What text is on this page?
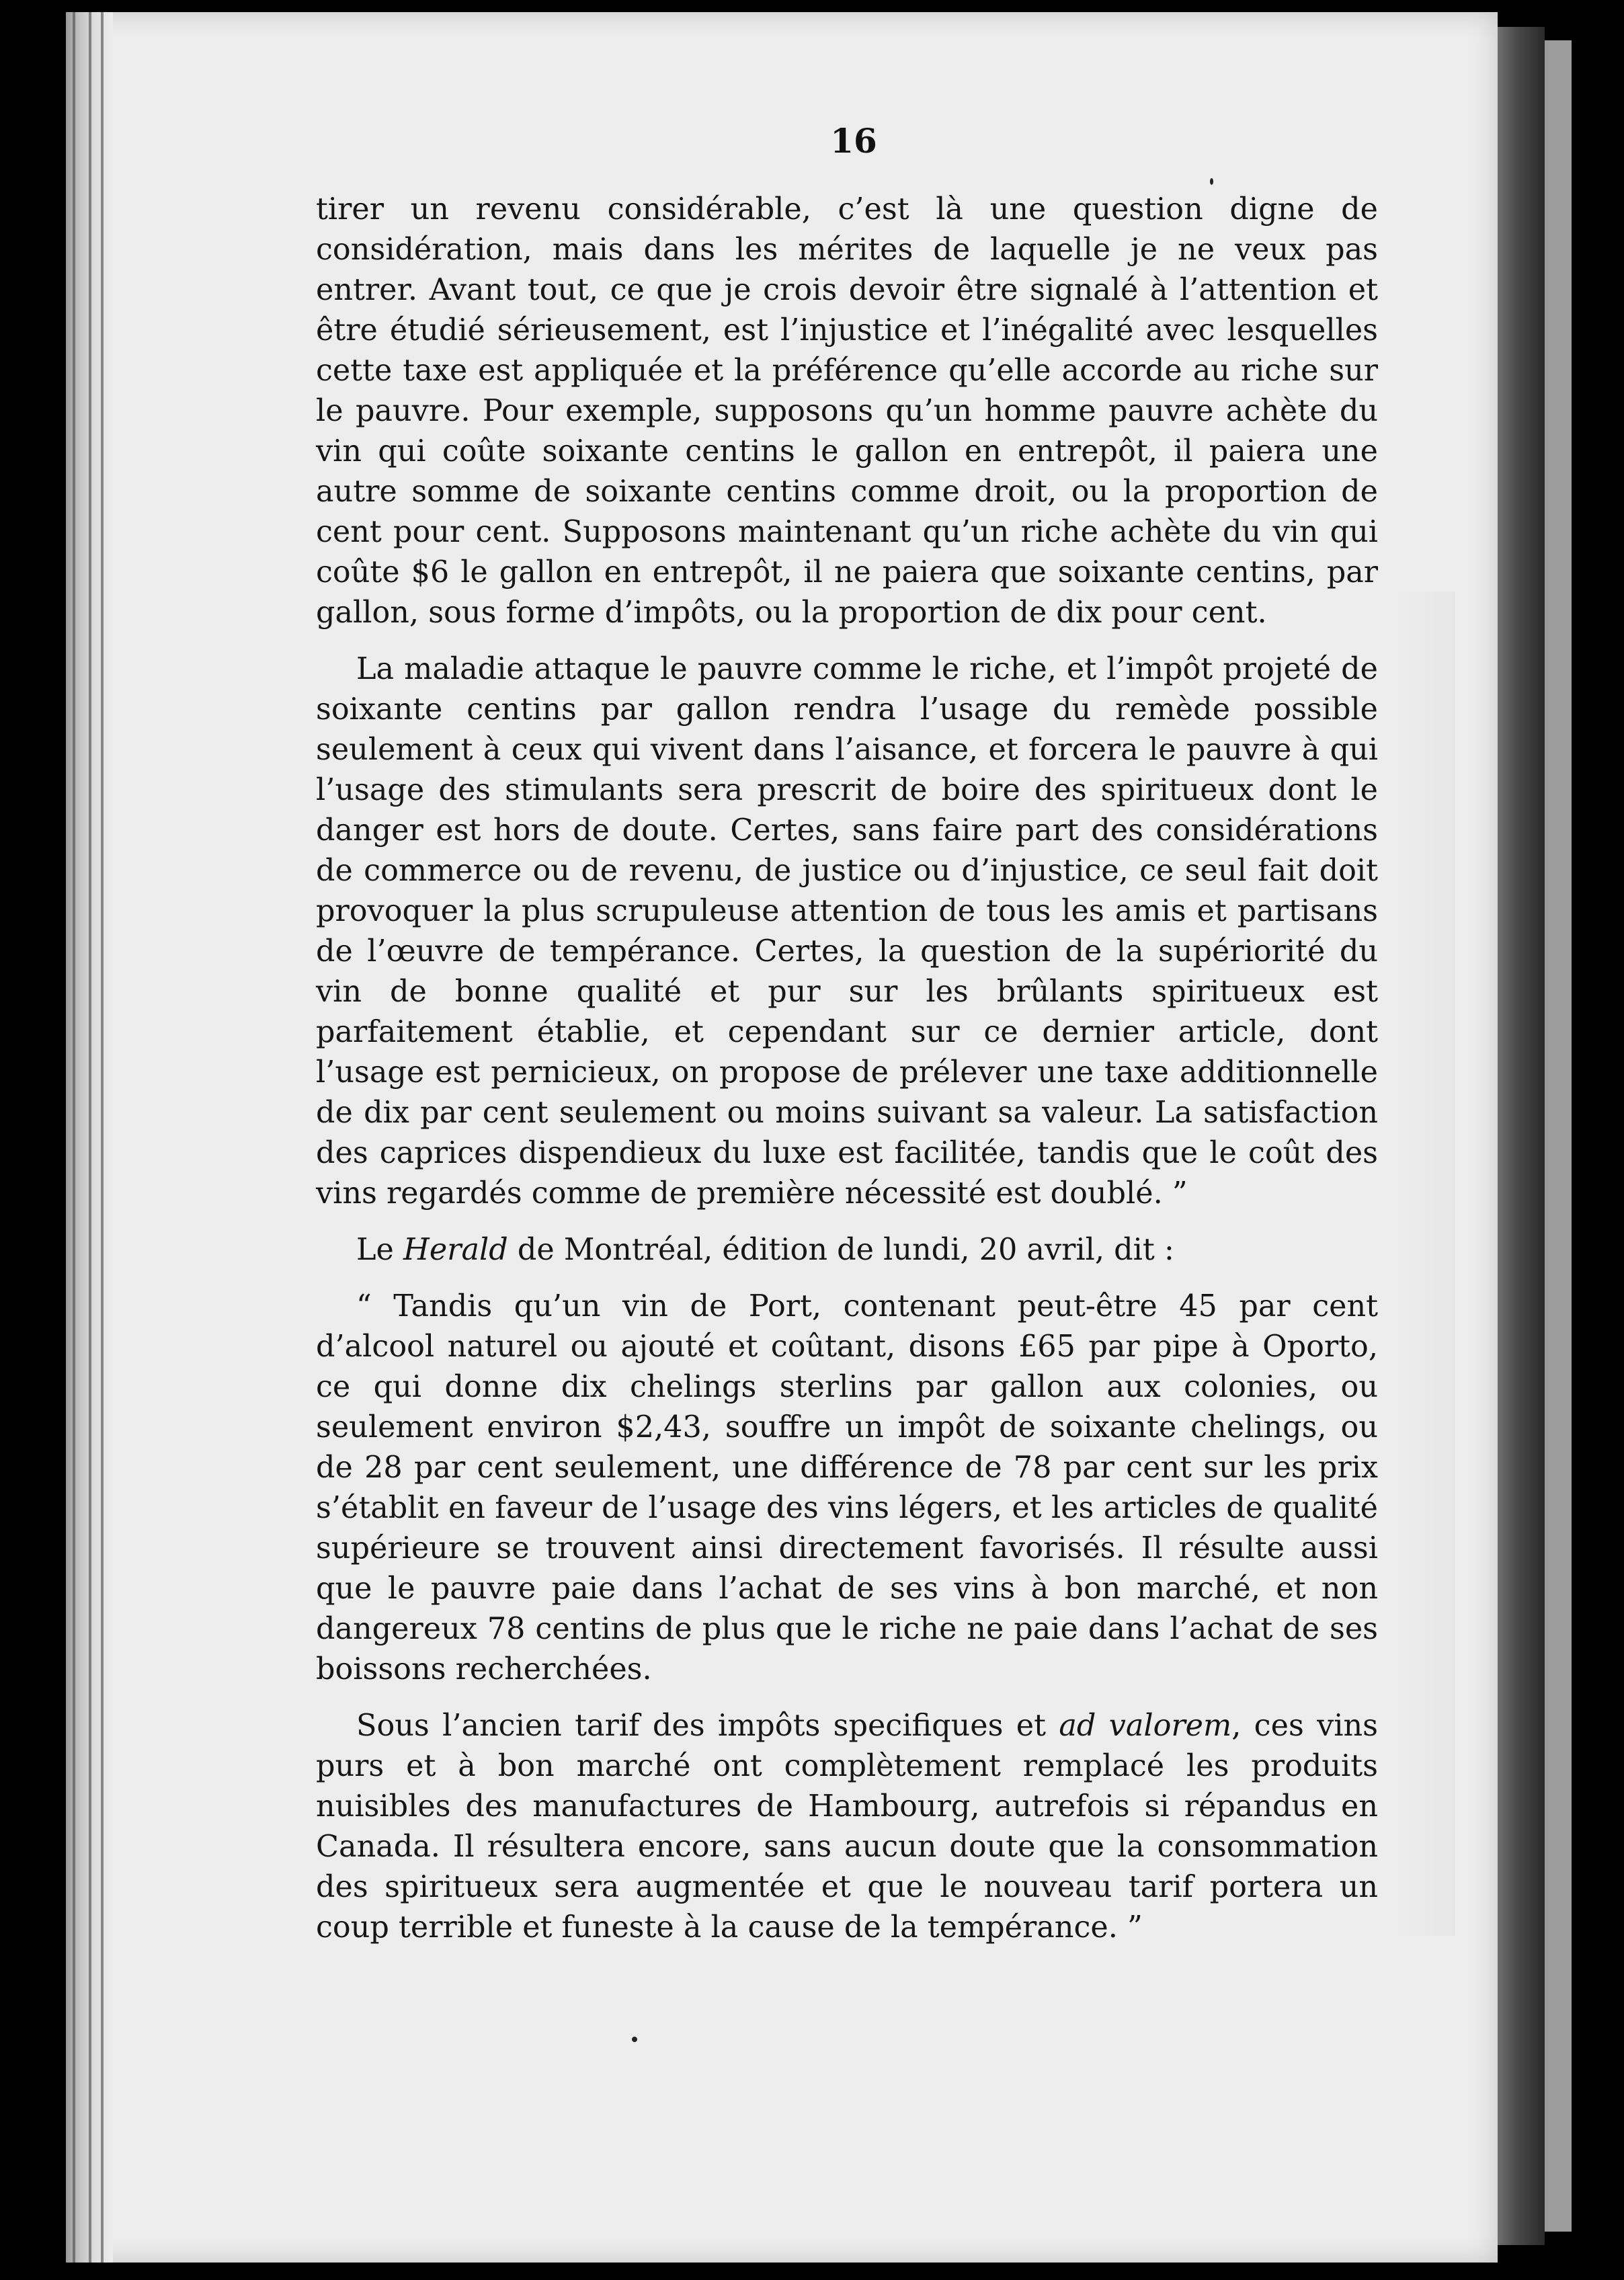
16

tirer un revenu considérable, c’est là une question digne de considération, mais dans les mérites de laquelle je ne veux pas entrer. Avant tout, ce que je crois devoir être signalé à l’attention et être étudié sérieusement, est l’injustice et l’inégalité avec lesquelles cette taxe est appliquée et la préférence qu’elle accorde au riche sur le pauvre. Pour exemple, supposons qu’un homme pauvre achète du vin qui coûte soixante centins le gallon en entrepôt, il paiera une autre somme de soixante centins comme droit, ou la proportion de cent pour cent. Supposons maintenant qu’un riche achète du vin qui coûte $6 le gallon en entrepôt, il ne paiera que soixante centins, par gallon, sous forme d’impôts, ou la proportion de dix pour cent.

La maladie attaque le pauvre comme le riche, et l’impôt projeté de soixante centins par gallon rendra l’usage du remède possible seulement à ceux qui vivent dans l’aisance, et forcera le pauvre à qui l’usage des stimulants sera prescrit de boire des spiritueux dont le danger est hors de doute. Certes, sans faire part des considérations de commerce ou de revenu, de justice ou d’injustice, ce seul fait doit provoquer la plus scrupuleuse attention de tous les amis et partisans de l’œuvre de tempérance. Certes, la question de la supériorité du vin de bonne qualité et pur sur les brûlants spiritueux est parfaitement établie, et cependant sur ce dernier article, dont l’usage est pernicieux, on propose de prélever une taxe additionnelle de dix par cent seulement ou moins suivant sa valeur. La satisfaction des caprices dispendieux du luxe est facilitée, tandis que le coût des vins regardés comme de première nécessité est doublé. ”

Le Herald de Montréal, édition de lundi, 20 avril, dit :

“ Tandis qu’un vin de Port, contenant peut-être 45 par cent d’alcool naturel ou ajouté et coûtant, disons £65 par pipe à Oporto, ce qui donne dix chelings sterlins par gallon aux colonies, ou seulement environ $2,43, souffre un impôt de soixante chelings, ou de 28 par cent seulement, une différence de 78 par cent sur les prix s’établit en faveur de l’usage des vins légers, et les articles de qualité supérieure se trouvent ainsi directement favorisés. Il résulte aussi que le pauvre paie dans l’achat de ses vins à bon marché, et non dangereux 78 centins de plus que le riche ne paie dans l’achat de ses boissons recherchées.

Sous l’ancien tarif des impôts specifiques et ad valorem, ces vins purs et à bon marché ont complètement remplacé les produits nuisibles des manufactures de Hambourg, autrefois si répandus en Canada. Il résultera encore, sans aucun doute que la consommation des spiritueux sera augmentée et que le nouveau tarif portera un coup terrible et funeste à la cause de la tempérance. ”
